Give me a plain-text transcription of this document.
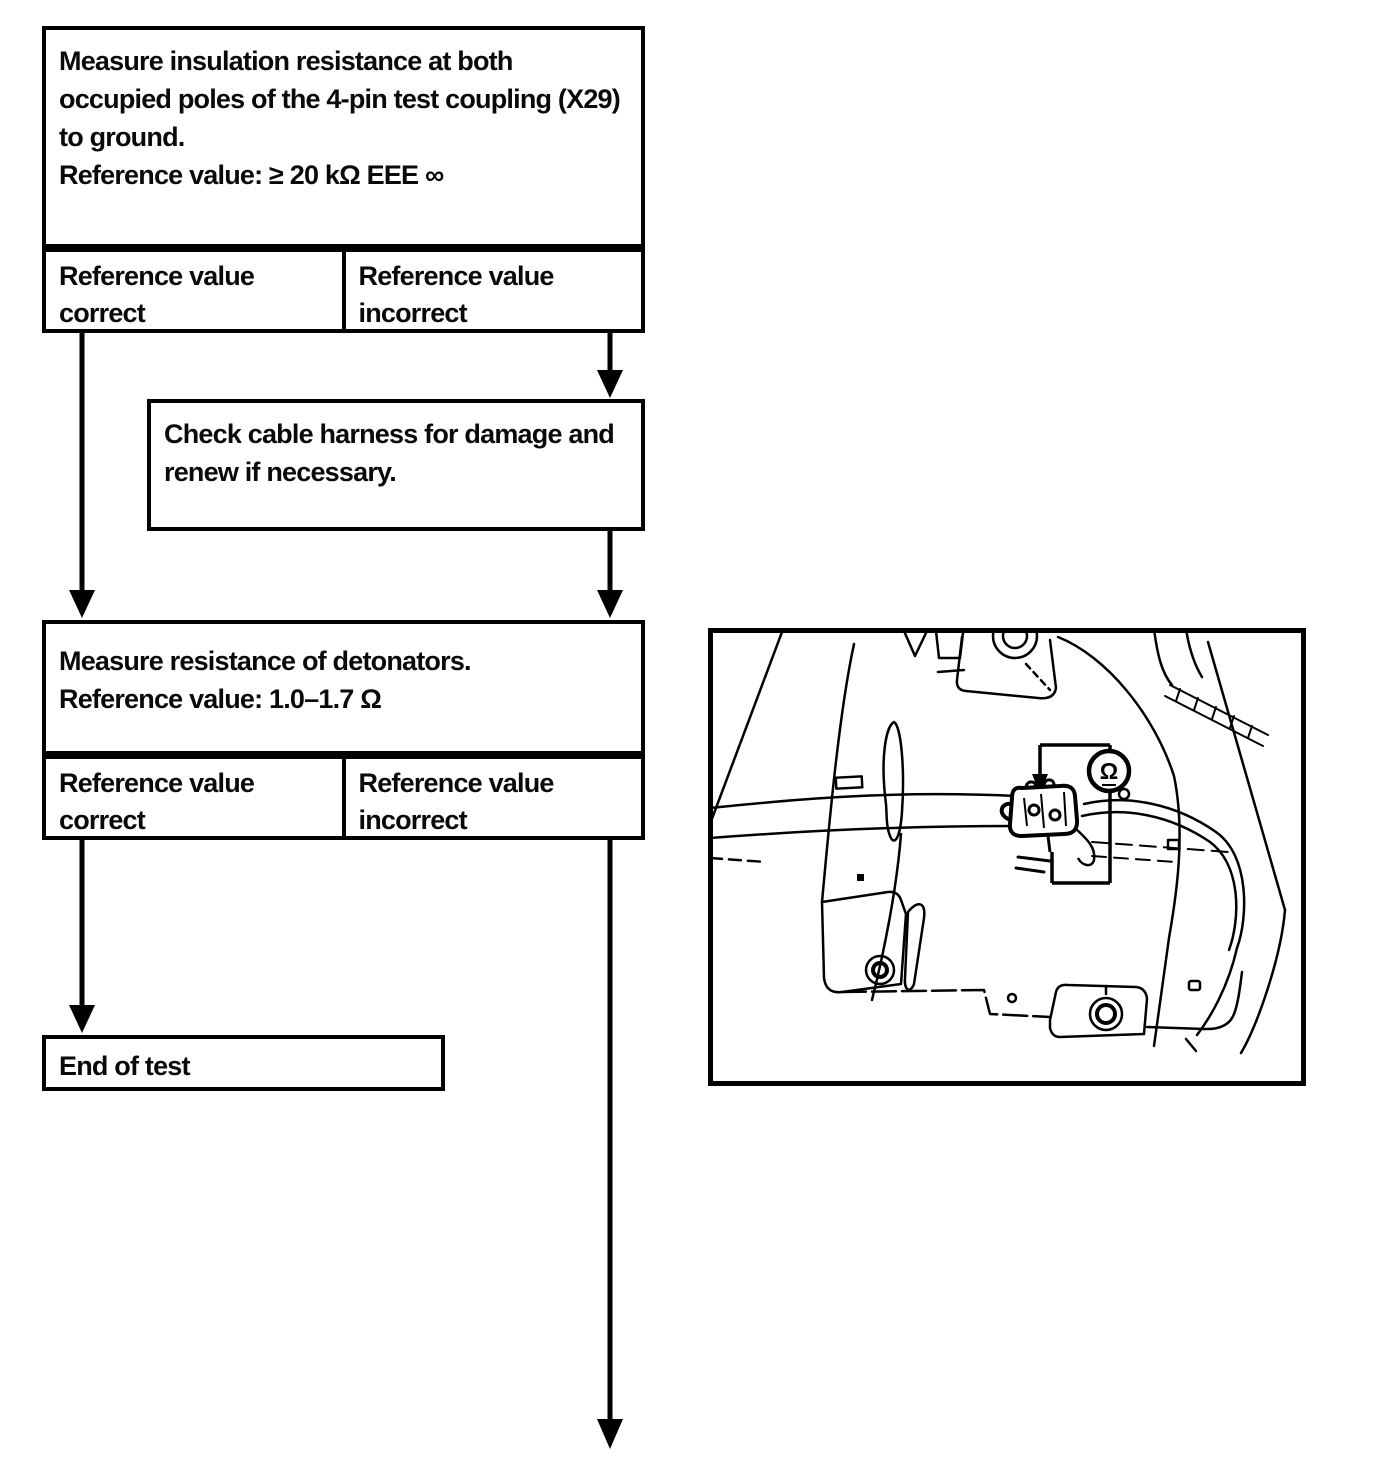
Measure insulation resistance at both
occupied poles of the 4-pin test coupling (X29)
to ground.
Reference value: ≥ 20 kΩ EEE ∞
Reference value
correct
Reference value
incorrect
Check cable harness for damage and
renew if necessary.
Measure resistance of detonators.
Reference value: 1.0–1.7 Ω
Reference value
correct
Reference value
incorrect
End of test
Ω
